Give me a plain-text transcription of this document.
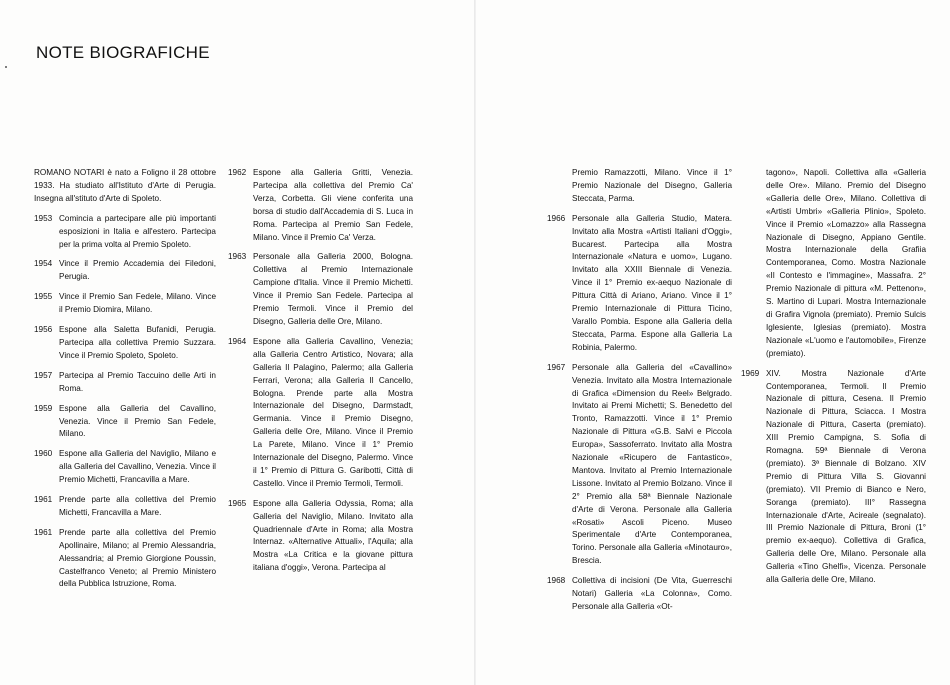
NOTE BIOGRAFICHE

ROMANO NOTARI è nato a Foligno il 28 ottobre 1933. Ha studiato all'Istituto d'Arte di Perugia. Insegna all'stituto d'Arte di Spoleto.

1953 Comincia a partecipare alle più importanti esposizioni in Italia e all'estero. Partecipa per la prima volta al Premio Spoleto.
1954 Vince il Premio Accademia dei Filedoni, Perugia.
1955 Vince il Premio San Fedele, Milano. Vince il Premio Diomira, Milano.
1956 Espone alla Saletta Bufanidi, Perugia. Partecipa alla collettiva Premio Suzzara. Vince il Premio Spoleto, Spoleto.
1957 Partecipa al Premio Taccuino delle Arti in Roma.
1959 Espone alla Galleria del Cavallino, Venezia. Vince il Premio San Fedele, Milano.
1960 Espone alla Galleria del Naviglio, Milano e alla Galleria del Cavallino, Venezia. Vince il Premio Michetti, Francavilla a Mare.
1961 Prende parte alla collettiva del Premio Michetti, Francavilla a Mare.
1961 Prende parte alla collettiva del Premio Apollinaire, Milano; al Premio Alessandria, Alessandria; al Premio Giorgione Poussin, Castelfranco Veneto; al Premio Ministero della Pubblica Istruzione, Roma.
1962 Espone alla Galleria Gritti, Venezia. Partecipa alla collettiva del Premio Ca' Verza, Corbetta. Gli viene conferita una borsa di studio dall'Accademia di S. Luca in Roma. Partecipa al Premio San Fedele, Milano. Vince il Premio Ca' Verza.
1963 Personale alla Galleria 2000, Bologna. Collettiva al Premio Internazionale Campione d'Italia. Vince il Premio Michetti. Vince il Premio San Fedele. Partecipa al Premio Termoli. Vince il Premio del Disegno, Galleria delle Ore, Milano.
1964 Espone alla Galleria Cavallino, Venezia; alla Galleria Centro Artistico, Novara; alla Galleria Il Palagino, Palermo; alla Galleria Ferrari, Verona; alla Galleria Il Cancello, Bologna. Prende parte alla Mostra Internazionale del Disegno, Darmstadt, Germania. Vince il Premio Disegno, Galleria delle Ore, Milano. Vince il Premio La Parete, Milano. Vince il 1° Premio Internazionale del Disegno, Palermo. Vince il 1° Premio di Pittura G. Garibotti, Città di Castello. Vince il Premio Termoli, Termoli.
1965 Espone alla Galleria Odyssia, Roma; alla Galleria del Naviglio, Milano. Invitato alla Quadriennale d'Arte in Roma; alla Mostra Internaz. «Alternative Attuali», l'Aquila; alla Mostra «La Critica e la giovane pittura italiana d'oggi», Verona. Partecipa al

Premio Ramazzotti, Milano. Vince il 1° Premio Nazionale del Disegno, Galleria Steccata, Parma.

1966 Personale alla Galleria Studio, Matera. Invitato alla Mostra «Artisti Italiani d'Oggi», Bucarest. Partecipa alla Mostra Internazionale «Natura e uomo», Lugano. Invitato alla XXIII Biennale di Venezia. Vince il 1° Premio ex-aequo Nazionale di Pittura Città di Ariano, Ariano. Vince il 1° Premio Internazionale di Pittura Ticino, Varallo Pombia. Espone alla Galleria della Steccata, Parma. Espone alla Galleria La Robinia, Palermo.
1967 Personale alla Galleria del «Cavallino» Venezia. Invitato alla Mostra Internazionale di Grafica «Dimension du Reel» Belgrado. Invitato ai Premi Michetti; S. Benedetto del Tronto, Ramazzotti. Vince il 1° Premio Nazionale di Pittura «G.B. Salvi e Piccola Europa», Sassoferrato. Invitato alla Mostra Nazionale «Ricupero de Fantastico», Mantova. Invitato al Premio Internazionale Lissone. Invitato al Premio Bolzano. Vince il 2° Premio alla 58ª Biennale Nazionale d'Arte di Verona. Personale alla Galleria «Rosati» Ascoli Piceno. Museo Sperimentale d'Arte Contemporanea, Torino. Personale alla Galleria «Minotauro», Brescia.
1968 Collettiva di incisioni (De Vita, Guerreschi Notari) Galleria «La Colonna», Como. Personale alla Galleria «Ot-

tagono», Napoli. Collettiva alla «Galleria delle Ore». Milano. Premio del Disegno «Galleria delle Ore», Milano. Collettiva di «Artisti Umbri» «Galleria Plinio», Spoleto. Vince il Premio «Lomazzo» alla Rassegna Nazionale di Disegno, Appiano Gentile. Mostra Internazionale della Grafiia Contemporanea, Como. Mostra Nazionale «Il Contesto e l'immagine», Massafra. 2° Premio Nazionale di pittura «M. Pettenon», S. Martino di Lupari. Mostra Internazionale di Grafira Vignola (premiato). Premio Sulcis Iglesiente, Iglesias (premiato). Mostra Nazionale «L'uomo e l'automobile», Firenze (premiato).

1969 XIV. Mostra Nazionale d'Arte Contemporanea, Termoli. Il Premio Nazionale di pittura, Cesena. Il Premio Nazionale di Pittura, Sciacca. I Mostra Nazionale di Pittura, Caserta (premiato). XIII Premio Campigna, S. Sofia di Romagna. 59ª Biennale di Verona (premiato). 3ª Biennale di Bolzano. XIV Premio di Pittura Villa S. Giovanni (premiato). VII Premio di Bianco e Nero, Soranga (premiato). III° Rassegna Internazionale d'Arte, Acireale (segnalato). III Premio Nazionale di Pittura, Broni (1° premio ex-aequo). Collettiva di Grafica, Galleria delle Ore, Milano. Personale alla Galleria «Tino Ghelfi», Vicenza. Personale alla Galleria delle Ore, Milano.
